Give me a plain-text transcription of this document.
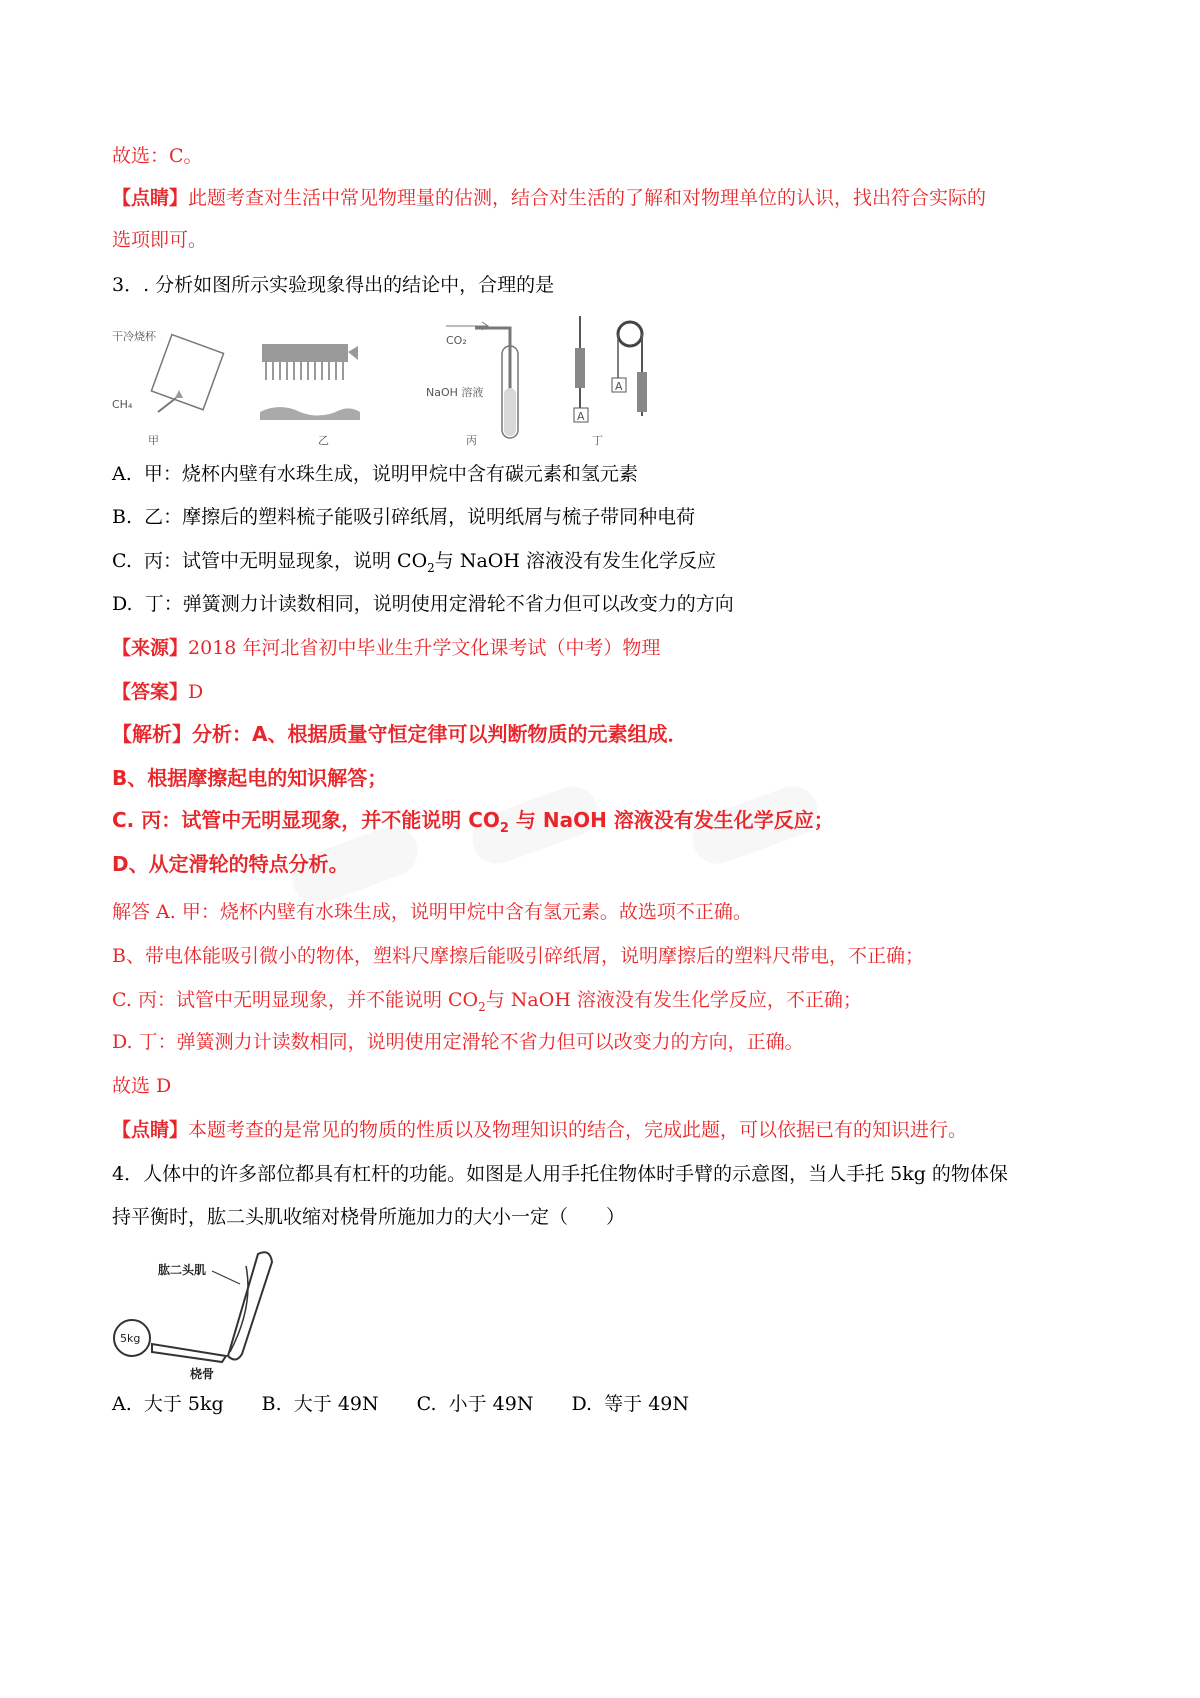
故选：C。
【点睛】此题考查对生活中常见物理量的估测，结合对生活的了解和对物理单位的认识，找出符合实际的
选项即可。
3．. 分析如图所示实验现象得出的结论中，合理的是
干冷烧杯
CH₄
甲	乙
CO₂
NaOH 溶液
丙
A
A
丁
A. 甲：烧杯内壁有水珠生成，说明甲烷中含有碳元素和氢元素
B. 乙：摩擦后的塑料梳子能吸引碎纸屑，说明纸屑与梳子带同种电荷
C. 丙：试管中无明显现象，说明 $CO_2$与 NaOH 溶液没有发生化学反应
D. 丁：弹簧测力计读数相同，说明使用定滑轮不省力但可以改变力的方向
【来源】2018 年河北省初中毕业生升学文化课考试（中考）物理
【答案】D
【解析】分析：A、根据质量守恒定律可以判断物质的元素组成．
B、根据摩擦起电的知识解答；
C. 丙：试管中无明显现象，并不能说明 $CO_2$ 与 NaOH 溶液没有发生化学反应；
D、从定滑轮的特点分析。
解答 A. 甲：烧杯内壁有水珠生成，说明甲烷中含有氢元素。故选项不正确。
B、带电体能吸引微小的物体，塑料尺摩擦后能吸引碎纸屑，说明摩擦后的塑料尺带电，不正确；
C. 丙：试管中无明显现象，并不能说明 $CO_2$与 NaOH 溶液没有发生化学反应，不正确；
D. 丁：弹簧测力计读数相同，说明使用定滑轮不省力但可以改变力的方向，正确。
故选 D
【点睛】本题考查的是常见的物质的性质以及物理知识的结合，完成此题，可以依据已有的知识进行。
4．人体中的许多部位都具有杠杆的功能。如图是人用手托住物体时手臂的示意图，当人手托 5kg 的物体保
持平衡时，肱二头肌收缩对桡骨所施加力的大小一定（　　）
5kg
肱二头肌
桡骨
A. 大于 5kg B. 大于 49N C. 小于 49N D. 等于 49N
